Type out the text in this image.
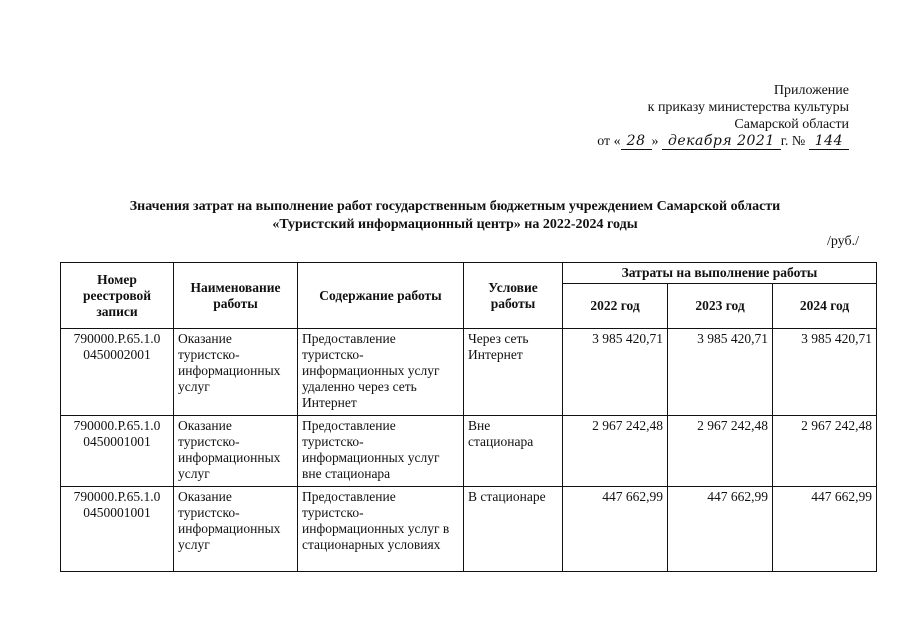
Приложение
к приказу министерства культуры
Самарской области
от « 28 » декабря 2021 г. № 144
Значения затрат на выполнение работ государственным бюджетным учреждением Самарской области
«Туристский информационный центр» на 2022-2024 годы
/руб./
Номер реестровой записи	Наименование работы	Содержание работы	Условие работы	Затраты на выполнение работы		
				2022 год	2023 год	2024 год
790000.Р.65.1.0 0450002001	Оказание туристско-информационных услуг	Предоставление туристско-информационных услуг удаленно через сеть Интернет	Через сеть Интернет	3 985 420,71	3 985 420,71	3 985 420,71
790000.Р.65.1.0 0450001001	Оказание туристско-информационных услуг	Предоставление туристско-информационных услуг вне стационара	Вне стационара	2 967 242,48	2 967 242,48	2 967 242,48
790000.Р.65.1.0 0450001001	Оказание туристско-информационных услуг	Предоставление туристско-информационных услуг в стационарных условиях	В стационаре	447 662,99	447 662,99	447 662,99
